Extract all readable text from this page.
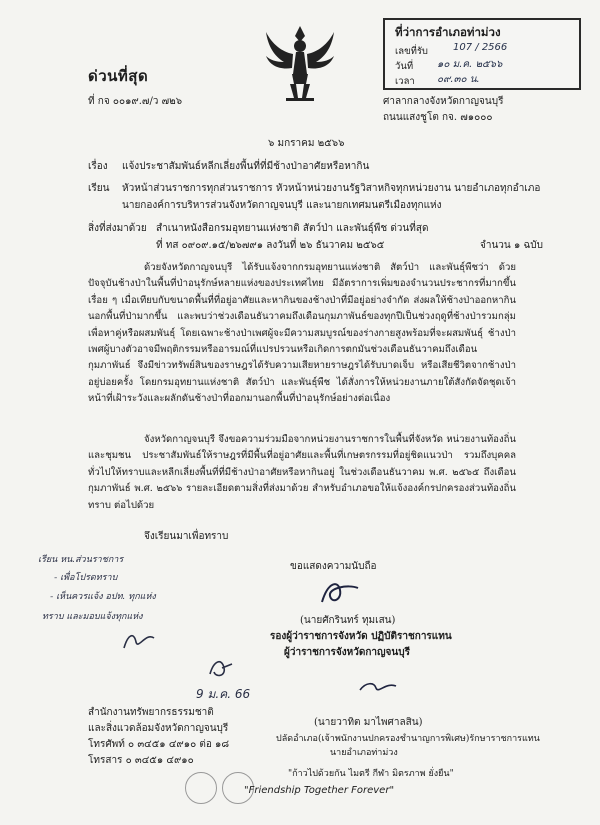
ที่ว่าการอำเภอท่าม่วง
เลขที่รับ	107 / 2566
วันที่ ๑๐ ม.ค. ๒๕๖๖
เวลา ๐๙.๓๐ น.
ด่วนที่สุด
ที่ กจ ๐๐๑๙.๗/ว ๗๒๖	ศาลากลางจังหวัดกาญจนบุรี
ถนนแสงชูโต กจ. ๗๑๐๐๐
๖ มกราคม ๒๕๖๖
เรื่อง แจ้งประชาสัมพันธ์หลีกเลี่ยงพื้นที่ที่มีช้างป่าอาศัยหรือหากิน
เรียน หัวหน้าส่วนราชการทุกส่วนราชการ หัวหน้าหน่วยงานรัฐวิสาหกิจทุกหน่วยงาน นายอำเภอทุกอำเภอ
นายกองค์การบริหารส่วนจังหวัดกาญจนบุรี และนายกเทศมนตรีเมืองทุกแห่ง
สิ่งที่ส่งมาด้วย สำเนาหนังสือกรมอุทยานแห่งชาติ สัตว์ป่า และพันธุ์พืช ด่วนที่สุด
ที่ ทส ๐๙๐๙.๑๕/๒๖๗๙๑ ลงวันที่ ๒๖ ธันวาคม ๒๕๖๕	จำนวน ๑ ฉบับ
ด้วยจังหวัดกาญจนบุรี ได้รับแจ้งจากกรมอุทยานแห่งชาติ สัตว์ป่า และพันธุ์พืชว่า ด้วยปัจจุบันช้างป่าในพื้นที่ป่าอนุรักษ์หลายแห่งของประเทศไทย มีอัตราการเพิ่มของจำนวนประชากรที่มากขึ้นเรื่อย ๆ เมื่อเทียบกับขนาดพื้นที่ที่อยู่อาศัยและหากินของช้างป่าที่มีอยู่อย่างจำกัด ส่งผลให้ช้างป่าออกหากินนอกพื้นที่ป่ามากขึ้น และพบว่าช่วงเดือนธันวาคมถึงเดือนกุมภาพันธ์ของทุกปีเป็นช่วงฤดูที่ช้างป่ารวมกลุ่มเพื่อหาคู่หรือผสมพันธุ์ โดยเฉพาะช้างป่าเพศผู้จะมีความสมบูรณ์ของร่างกายสูงพร้อมที่จะผสมพันธุ์ ช้างป่าเพศผู้บางตัวอาจมีพฤติกรรมหรืออารมณ์ที่แปรปรวนหรือเกิดการตกมันช่วงเดือนธันวาคมถึงเดือนกุมภาพันธ์ จึงมีข่าวทรัพย์สินของราษฎรได้รับความเสียหายราษฎรได้รับบาดเจ็บ หรือเสียชีวิตจากช้างป่าอยู่บ่อยครั้ง โดยกรมอุทยานแห่งชาติ สัตว์ป่า และพันธุ์พืช ได้สั่งการให้หน่วยงานภายใต้สังกัดจัดชุดเจ้าหน้าที่เฝ้าระวังและผลักดันช้างป่าที่ออกมานอกพื้นที่ป่าอนุรักษ์อย่างต่อเนื่อง
จังหวัดกาญจนบุรี จึงขอความร่วมมือจากหน่วยงานราชการในพื้นที่จังหวัด หน่วยงานท้องถิ่นและชุมชน ประชาสัมพันธ์ให้ราษฎรที่มีพื้นที่อยู่อาศัยและพื้นที่เกษตรกรรมที่อยู่ชิดแนวป่า รวมถึงบุคคลทั่วไปให้ทราบและหลีกเลี่ยงพื้นที่ที่มีช้างป่าอาศัยหรือหากินอยู่ ในช่วงเดือนธันวาคม พ.ศ. ๒๕๖๕ ถึงเดือนกุมภาพันธ์ พ.ศ. ๒๕๖๖ รายละเอียดตามสิ่งที่ส่งมาด้วย สำหรับอำเภอขอให้แจ้งองค์กรปกครองส่วนท้องถิ่นทราบ ต่อไปด้วย
จึงเรียนมาเพื่อทราบ
ขอแสดงความนับถือ
(นายศักรินทร์ ทุมเสน)
รองผู้ว่าราชการจังหวัด ปฏิบัติราชการแทน
ผู้ว่าราชการจังหวัดกาญจนบุรี
เรียน หน.ส่วนราชการ
- เพื่อโปรดทราบ
- เห็นควรแจ้ง อปท. ทุกแห่ง
ทราบ และมอบแจ้งทุกแห่ง
9 ม.ค. 66
(นายวาทิต มาไพศาลสิน)
ปลัดอำเภอ(เจ้าพนักงานปกครองชำนาญการพิเศษ)รักษาราชการแทน
นายอำเภอท่าม่วง
สำนักงานทรัพยากรธรรมชาติ
และสิ่งแวดล้อมจังหวัดกาญจนบุรี
โทรศัพท์ ๐ ๓๔๕๑ ๔๙๑๐ ต่อ ๑๘
โทรสาร ๐ ๓๔๕๑ ๔๙๑๐
"ก้าวไปด้วยกัน ไมตรี กีฬา มิตรภาพ ยั่งยืน"
"Friendship Together Forever"
